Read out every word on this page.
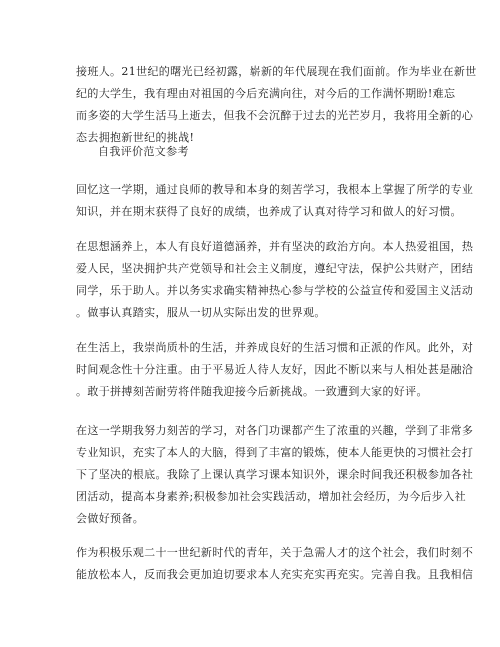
接班人。21世纪的曙光已经初露，崭新的年代展现在我们面前。作为毕业在新世
纪的大学生，我有理由对祖国的今后充满向往，对今后的工作满怀期盼!难忘
而多姿的大学生活马上逝去，但我不会沉醉于过去的光芒岁月，我将用全新的心
态去拥抱新世纪的挑战!

自我评价范文参考

回忆这一学期，通过良师的教导和本身的刻苦学习，我根本上掌握了所学的专业
知识，并在期末获得了良好的成绩，也养成了认真对待学习和做人的好习惯。
在思想涵养上，本人有良好道德涵养，并有坚决的政治方向。本人热爱祖国，热
爱人民，坚决拥护共产党领导和社会主义制度，遵纪守法，保护公共财产，团结
同学，乐于助人。并以务实求确实精神热心参与学校的公益宣传和爱国主义活动
。做事认真踏实，服从一切从实际出发的世界观。
在生活上，我崇尚质朴的生活，并养成良好的生活习惯和正派的作风。此外，对
时间观念性十分注重。由于平易近人待人友好，因此不断以来与人相处甚是融洽
。敢于拼搏刻苦耐劳将伴随我迎接今后新挑战。一致遭到大家的好评。
在这一学期我努力刻苦的学习，对各门功课都产生了浓重的兴趣，学到了非常多
专业知识，充实了本人的大脑，得到了丰富的锻炼，使本人能更快的习惯社会打
下了坚决的根底。我除了上课认真学习课本知识外，课余时间我还积极参加各社
团活动，提高本身素养;积极参加社会实践活动，增加社会经历，为今后步入社
会做好预备。
作为积极乐观二十一世纪新时代的青年，关于急需人才的这个社会，我们时刻不
能放松本人，反而我会更加迫切要求本人充实充实再充实。完善自我。且我相信
